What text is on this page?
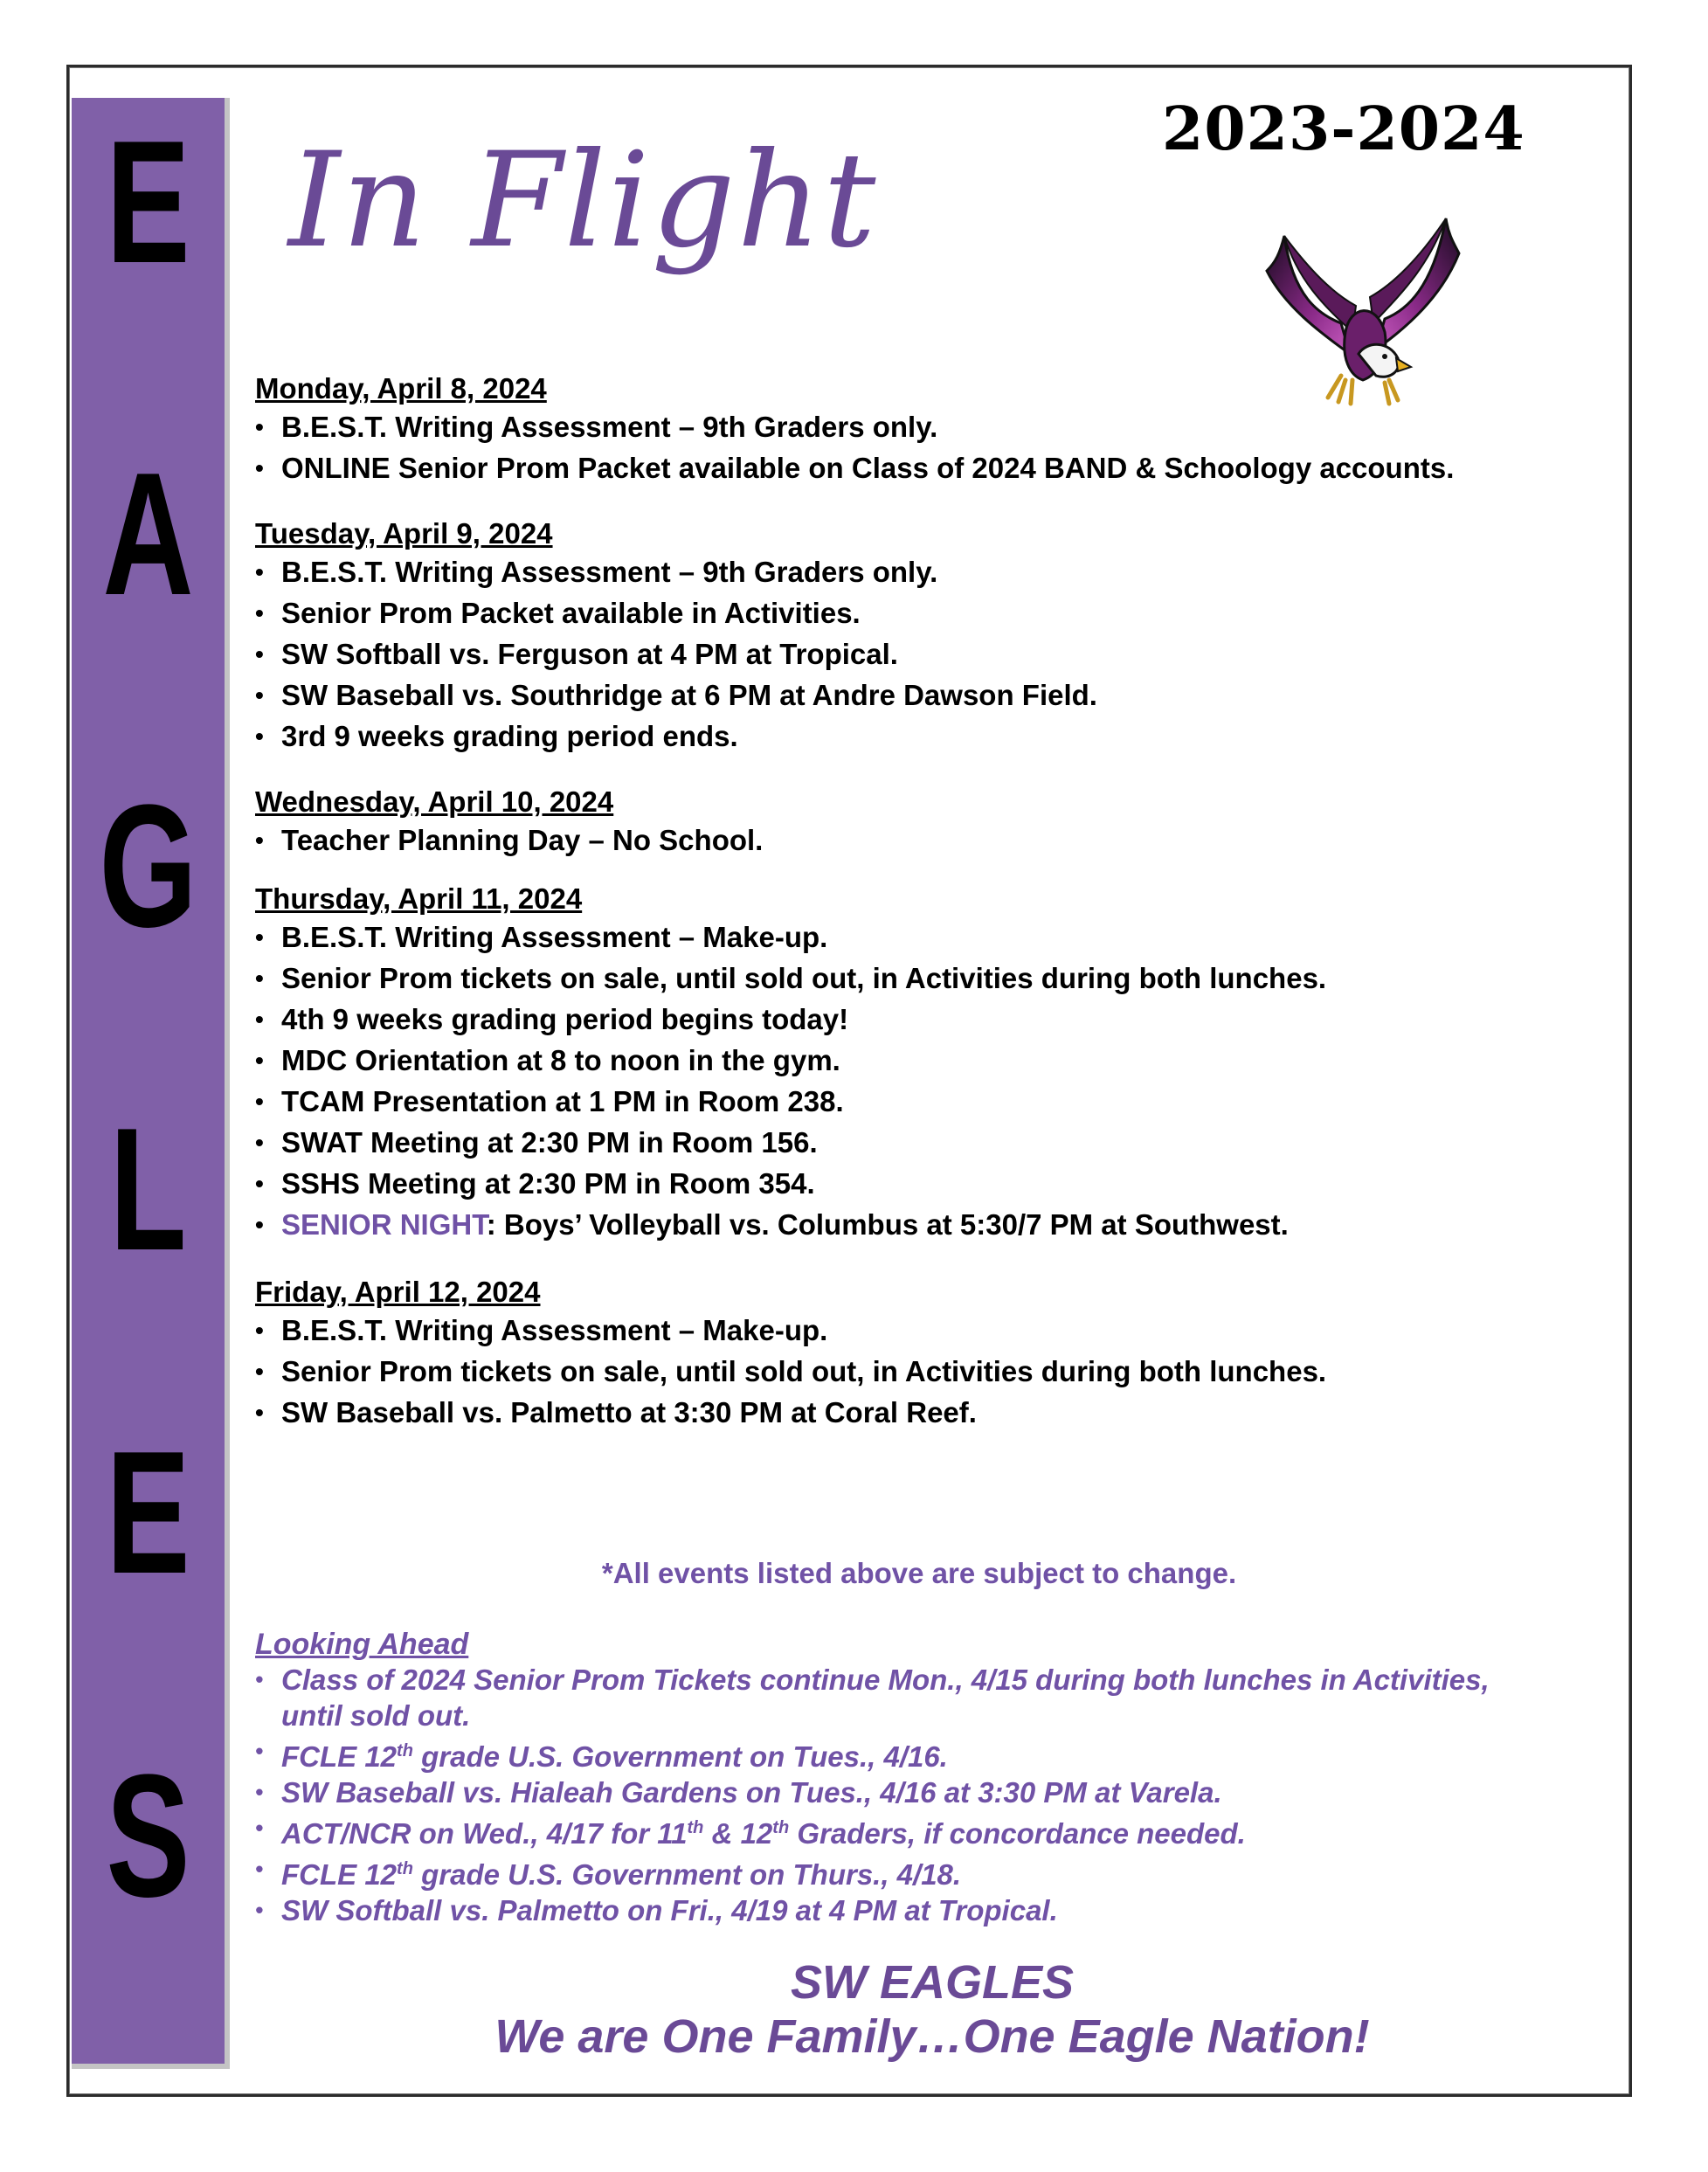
E
A
G
L
E
S
In Flight	2023-2024
Monday, April 8, 2024
• B.E.S.T. Writing Assessment – 9th Graders only.
• ONLINE Senior Prom Packet available on Class of 2024 BAND & Schoology accounts.
Tuesday, April 9, 2024
• B.E.S.T. Writing Assessment – 9th Graders only.
• Senior Prom Packet available in Activities.
• SW Softball vs. Ferguson at 4 PM at Tropical.
• SW Baseball vs. Southridge at 6 PM at Andre Dawson Field.
• 3rd 9 weeks grading period ends.
Wednesday, April 10, 2024
• Teacher Planning Day – No School.
Thursday, April 11, 2024
• B.E.S.T. Writing Assessment – Make-up.
• Senior Prom tickets on sale, until sold out, in Activities during both lunches.
• 4th 9 weeks grading period begins today!
• MDC Orientation at 8 to noon in the gym.
• TCAM Presentation at 1 PM in Room 238.
• SWAT Meeting at 2:30 PM in Room 156.
• SSHS Meeting at 2:30 PM in Room 354.
• SENIOR NIGHT: Boys’ Volleyball vs. Columbus at 5:30/7 PM at Southwest.
Friday, April 12, 2024
• B.E.S.T. Writing Assessment – Make-up.
• Senior Prom tickets on sale, until sold out, in Activities during both lunches.
• SW Baseball vs. Palmetto at 3:30 PM at Coral Reef.
*All events listed above are subject to change.
Looking Ahead
• Class of 2024 Senior Prom Tickets continue Mon., 4/15 during both lunches in Activities,
until sold out.
• FCLE 12th grade U.S. Government on Tues., 4/16.
• SW Baseball vs. Hialeah Gardens on Tues., 4/16 at 3:30 PM at Varela.
• ACT/NCR on Wed., 4/17 for 11th & 12th Graders, if concordance needed.
• FCLE 12th grade U.S. Government on Thurs., 4/18.
• SW Softball vs. Palmetto on Fri., 4/19 at 4 PM at Tropical.
SW EAGLES
We are One Family…One Eagle Nation!
